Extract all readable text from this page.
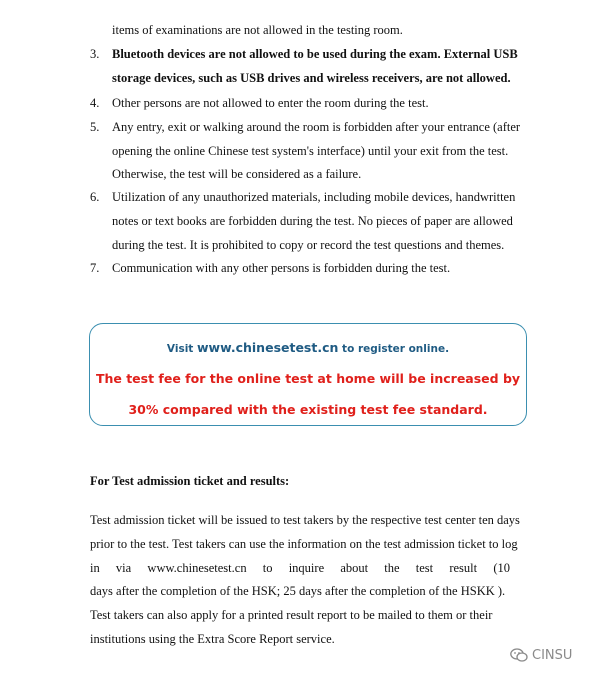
items of examinations are not allowed in the testing room.
3. Bluetooth devices are not allowed to be used during the exam. External USB
storage devices, such as USB drives and wireless receivers, are not allowed.
4. Other persons are not allowed to enter the room during the test.
5. Any entry, exit or walking around the room is forbidden after your entrance (after
opening the online Chinese test system's interface) until your exit from the test.
Otherwise, the test will be considered as a failure.
6. Utilization of any unauthorized materials, including mobile devices, handwritten
notes or text books are forbidden during the test. No pieces of paper are allowed
during the test. It is prohibited to copy or record the test questions and themes.
7. Communication with any other persons is forbidden during the test.
Visit www.chinesetest.cn to register online.
The test fee for the online test at home will be increased by
30% compared with the existing test fee standard.
For Test admission ticket and results:
Test admission ticket will be issued to test takers by the respective test center ten days
prior to the test. Test takers can use the information on the test admission ticket to log
in via www.chinesetest.cn to inquire about the test result (10
days after the completion of the HSK; 25 days after the completion of the HSKK ).
Test takers can also apply for a printed result report to be mailed to them or their
institutions using the Extra Score Report service.
CINSU
